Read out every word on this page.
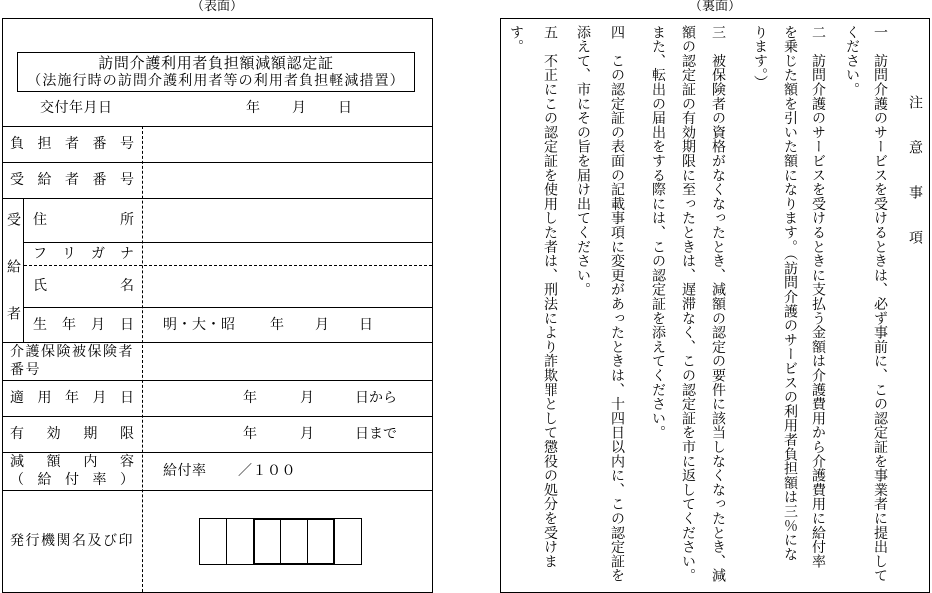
（表面）	（裏面）
訪問介護利用者負担額減額認定証
（法施行時の訪問介護利用者等の利用者負担軽減措置）
交付年月日	年 月 日
負 担 者 番 号
受 給 者 番 号
受 給 者 住 所
フ リ ガ ナ
氏 名
生 年 月 日 明・大・昭 年 月 日
介護保険被保険者
番号
適 用 年 月 日	年	月	日から
有 効 期 限	年	月	日まで
減 額 内 容
（ 給 付 率 ）
給付率 ／１００
発行機関名及び印
注意事項
一訪問介護のサービスを受けるときは、必ず事前に、この認定証を事業者に提出して
ください。
二訪問介護のサービスを受けるときに支払う金額は介護費用から介護費用に給付率
を乗じた額を引いた額になります。（訪問介護のサービスの利用者負担額は三％にな
ります。）
三被保険者の資格がなくなったとき、減額の認定の要件に該当しなくなったとき、減
額の認定証の有効期限に至ったときは、遅滞なく、この認定証を市に返してください。
また、転出の届出をする際には、この認定証を添えてください。
四この認定証の表面の記載事項に変更があったときは、十四日以内に、この認定証を
添えて、市にその旨を届け出てください。
五不正にこの認定証を使用した者は、刑法により詐欺罪として懲役の処分を受けま
す。
